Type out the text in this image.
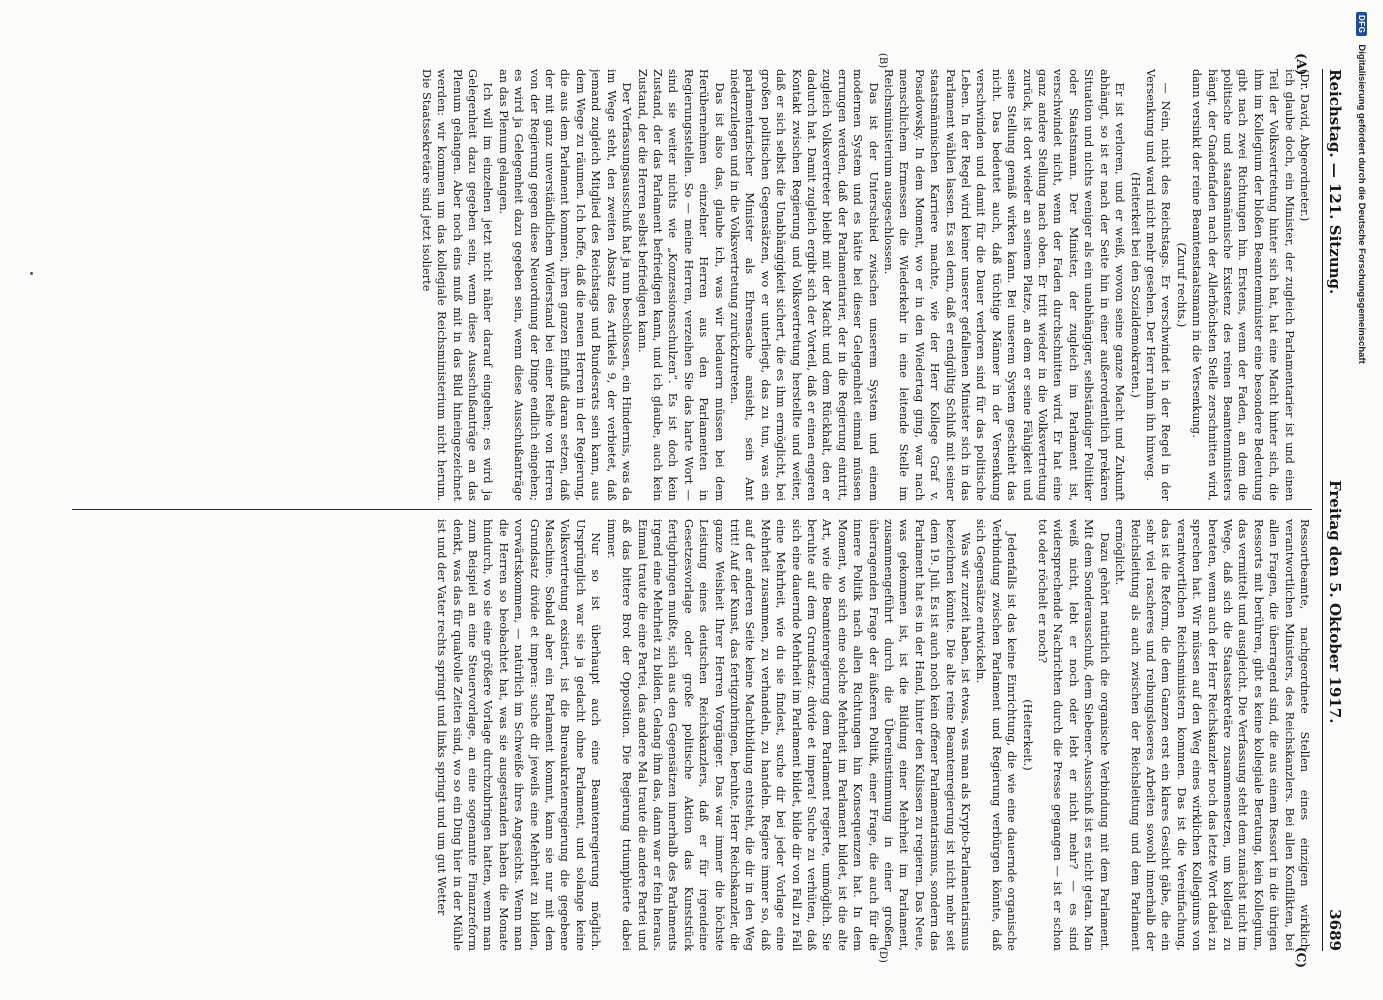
Reichstag. — 121. Sitzung.
Freitag den 5. Oktober 1917.
3689
(A)
(B)
(C)
(D)

(Dr. David, Abgeordneter.)

ich glaube doch, ein Minister, der zugleich Parlamentarier ist und einen Teil der Volksvertretung hinter sich hat, hat eine Macht hinter sich, die ihm im Kollegium der bloßen Beamtenminister eine besondere Bedeutung gibt nach zwei Richtungen hin. Erstens, wenn der Faden, an dem die politische und staatsmännische Existenz des reinen Beamtenministers hängt, der Gnadenfaden nach der Allerhöchsten Stelle zerschnitten wird, dann versinkt der reine Beamtenstaatsmann in die Versenkung.

(Zuruf rechts.)

— Nein, nicht des Reichstags. Er verschwindet in der Regel in der Versenkung und ward nicht mehr gesehen. Der Herr nahm ihn hinweg.

(Heiterkeit bei den Sozialdemokraten.)

Er ist verloren, und er weiß, wovon seine ganze Macht und Zukunft abhängt, so ist er nach der Seite hin in einer außerordentlich prekären Situation und nichts weniger als ein unabhängiger, selbständiger Politiker oder Staatsmann. Der Minister, der zugleich im Parlament ist, verschwindet nicht, wenn der Faden durchschnitten wird. Er hat eine ganz andere Stellung nach oben. Er tritt wieder in die Volksvertretung zurück, ist dort wieder an seinem Platze, an dem er seine Fähigkeit und seine Stellung gemäß wirken kann. Bei unserem System geschieht das nicht. Das bedeutet auch, daß tüchtige Männer in der Versenkung verschwinden und damit für die Dauer verloren sind für das politische Leben. In der Regel wird keiner unserer gefallenen Minister sich in das Parlament wählen lassen. Es sei denn, daß er endgültig Schluß mit seiner staatsmännischen Karriere machte, wie der Herr Kollege Graf v. Posadowsky. In dem Moment, wo er in den Wiedertag ging, war nach menschlichem Ermessen die Wiederkehr in eine leitende Stelle im Reichsministerium ausgeschlossen.

Das ist der Unterschied zwischen unserem System und einem modernen System und es hätte bei dieser Gelegenheit einmal müssen errungen werden, daß der Parlamentarier, der in die Regierung eintritt, zugleich Volksvertreter bleibt mit der Macht und dem Rückhalt, den er dadurch hat. Damit zugleich ergibt sich der Vorteil, daß er einen engeren Kontakt zwischen Regierung und Volksvertretung herstellte und weiter, daß er sich selbst die Unabhängigkeit sichert, die es ihm ermöglicht, bei großen politischen Gegensätzen, wo er unterliegt, das zu tun, was ein parlamentarischer Minister als Ehrensache ansieht, sein Amt niederzulegen und in die Volksvertretung zurückzutreten.

Das ist also das, glaube ich, was wir bedauern müssen bei dem Herübernehmen einzelner Herren aus den Parlamenten in Regierungsstellen. So — meine Herren, verzeihen Sie das harte Wort — sind sie weiter nichts wie „Konzessionsschulzen“. Es ist doch kein Zustand, der das Parlament befriedigen kann, und ich glaube, auch kein Zustand, der die Herren selbst befriedigen kann.

Der Verfassungsausschuß hat ja nun beschlossen, ein Hindernis, was da im Wege steht, den zweiten Absatz des Artikels 9, der verbietet, daß jemand zugleich Mitglied des Reichstags und Bundesrats sein kann, aus dem Wege zu räumen. Ich hoffe, daß die neuen Herren in der Regierung, die aus dem Parlament kommen, ihren ganzen Einfluß daran setzen, daß der mit ganz unverständlichem Widerstand bei einer Reihe von Herren von der Regierung gegen diese Neuordnung der Dinge endlich eingehen; es wird ja Gelegenheit dazu gegeben sein, wenn diese Ausschußanträge an das Plenum gelangen.

Ich will im einzelnen jetzt nicht näher darauf eingehen; es wird ja Gelegenheit dazu gegeben sein, wenn diese Ausschußanträge an das Plenum gelangen. Aber noch eins muß mit in das Bild hineingezeichnet werden: wir kommen um das kollegiale Reichsministerium nicht herum. Die Staatssekretäre sind jetzt isolierte

Ressortbeamte, nachgeordnete Stellen eines einzigen wirklich verantwortlichen Ministers, des Reichskanzlers. Bei allen Konflikten, bei allen Fragen, die überragend sind, die aus einem Ressort in die übrigen Ressorts mit berühren, gibt es keine kollegiale Beratung, kein Kollegium, das vermittelt und ausgleicht. Die Verfassung steht dem zunächst nicht im Wege, daß sich die Staatssekretäre zusammensetzen, um kollegial zu beraten, wenn auch der Herr Reichskanzler noch das letzte Wort dabei zu sprechen hat. Wir müssen auf den Weg eines wirklichen Kollegiums von verantwortlichen Reichsministern kommen. Das ist die Vereinfachung, das ist die Reform, die dem Ganzen erst ein klares Gesicht gäbe, die ein sehr viel rascheres und reibungsloseres Arbeiten sowohl innerhalb der Reichsleitung als auch zwischen der Reichsleitung und dem Parlament ermöglicht.

Dazu gehört natürlich die organische Verbindung mit dem Parlament. Mit dem Sonderausschuß, dem Siebener-Ausschuß ist es nicht getan. Man weiß nicht, lebt er noch oder lebt er nicht mehr? — es sind widersprechende Nachrichten durch die Presse gegangen — ist er schon tot oder röchelt er noch?

(Heiterkeit.)

Jedenfalls ist das keine Einrichtung, die wie eine dauernde organische Verbindung zwischen Parlament und Regierung verbürgen könnte, daß sich Gegensätze entwickeln.

Was wir zurzeit haben, ist etwas, was man als Krypto-Parlamentarismus bezeichnen könnte. Die alte reine Beamtenregierung ist nicht mehr seit dem 19. Juli. Es ist auch noch kein offener Parlamentarismus, sondern das Parlament hat es in der Hand, hinter den Kulissen zu regieren. Das Neue, was gekommen ist, ist die Bildung einer Mehrheit im Parlament, zusammengeführt durch die Übereinstimmung in einer großen, überragenden Frage der äußeren Politik, einer Frage, die auch für die innere Politik nach allen Richtungen hin Konsequenzen hat. In dem Moment, wo sich eine solche Mehrheit im Parlament bildet, ist die alte Art, wie die Beamtenregierung dem Parlament regierte, unmöglich. Sie beruhte auf dem Grundsatz: divide et impera! Suche zu verhüten, daß sich eine dauernde Mehrheit im Parlament bildet, bilde dir von Fall zu Fall eine Mehrheit, wie du sie findest, suche dir bei jeder Vorlage eine Mehrheit zusammen, zu verhandeln, zu handeln. Regiere immer so, daß auf der anderen Seite keine Machtbildung entsteht, die dir in den Weg tritt! Auf der Kunst, das fertigzubringen, beruhte, Herr Reichskanzler, die ganze Weisheit Ihrer Herren Vorgänger. Das war immer die höchste Leistung eines deutschen Reichskanzlers, daß er für irgendeine Gesetzesvorlage oder große politische Aktion das Kunststück fertigbringen mußte, sich aus den Gegensätzen innerhalb des Parlaments irgend eine Mehrheit zu bilden. Gelang ihm das, dann war er fein heraus. Einmal traute die eine Partei, das andere Mal traute die andere Partei und aß das bittere Brot der Opposition. Die Regierung triumphierte dabei immer.

Nur so ist überhaupt auch eine Beamtenregierung möglich. Ursprünglich war sie ja gedacht ohne Parlament, und solange keine Volksvertretung existiert, ist die Bureaukratenregierung die gegebene Maschine. Sobald aber ein Parlament kommt, kann sie nur mit dem Grundsatz divide et impera: suche dir jeweils eine Mehrheit zu bilden, vorwärtskommen, — natürlich im Schweiße ihres Angesichts. Wenn man die Herren so beobachtet hat, was sie ausgestanden haben die Monate hindurch, wo sie eine größere Vorlage durchzubringen hatten, wenn man zum Beispiel an eine Steuervorlage, an eine sogenannte Finanzreform denkt, was das für qualvolle Zeiten sind, wo so ein Ding hier in der Mühle ist und der Vater rechts springt und links springt und um gut Wetter

DFG
Digitalisierung gefördert durch die Deutsche Forschungsgemeinschaft
